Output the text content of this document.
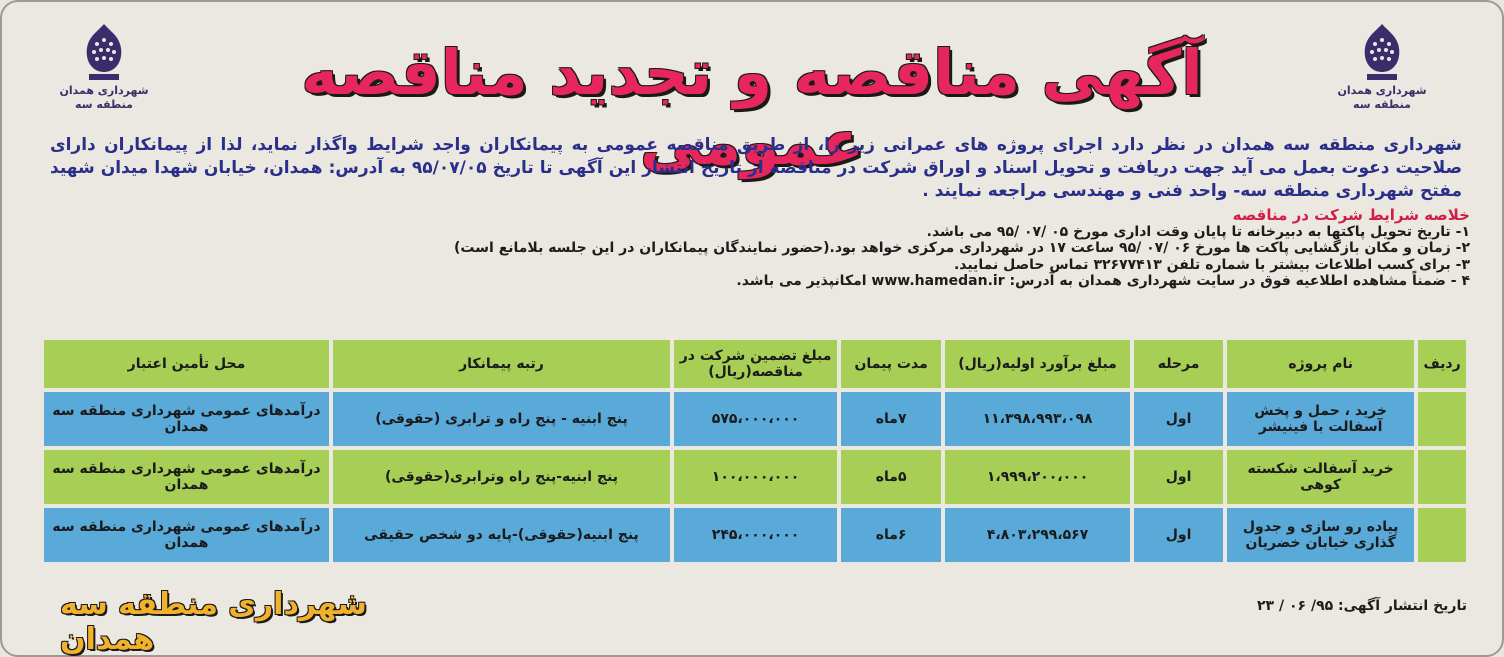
شهرداری همدان
منطقه سه
شهرداری همدان
منطقه سه
آگهی مناقصه و تجدید مناقصه عمومی
شهرداری منطقه سه همدان در نظر دارد اجرای پروژه های عمرانی زیر را، از طریق مناقصه عمومی به پیمانکاران واجد شرایط واگذار نماید، لذا از پیمانکاران دارای صلاحیت دعوت بعمل می آید جهت دریافت و تحویل اسناد و اوراق شرکت در مناقصه از تاریخ انتشار این آگهی تا تاریخ ۹۵/۰۷/۰۵ به آدرس: همدان، خیابان شهدا میدان شهید مفتح شهرداری منطقه سه- واحد فنی و مهندسی مراجعه نمایند .
خلاصه شرایط شرکت در مناقصه
۱- تاریخ تحویل پاکتها به دبیرخانه تا پایان وقت اداری مورخ ۰۵ /۰۷ /۹۵ می باشد.
۲- زمان و مکان بازگشایی پاکت ها مورخ ۰۶ /۰۷ /۹۵ ساعت ۱۷ در شهرداری مرکزی خواهد بود.(حضور نمایندگان پیمانکاران در این جلسه بلامانع است)
۳- برای کسب اطلاعات بیشتر با شماره تلفن ۳۲۶۷۷۴۱۳ تماس حاصل نمایید.
۴ - ضمناً مشاهده اطلاعیه فوق در سایت شهرداری همدان به آدرس: www.hamedan.ir امکانپذیر می باشد.
ردیف	نام پروژه	مرحله	مبلغ برآورد اولیه(ریال)	مدت پیمان	مبلغ تضمین شرکت در مناقصه(ریال)	رتبه پیمانکار	محل تأمین اعتبار
	خرید ، حمل و پخش آسفالت با فینیشر	اول	۱۱،۳۹۸،۹۹۳،۰۹۸	۷ماه	۵۷۵،۰۰۰،۰۰۰	پنج ابنیه - پنج راه و ترابری (حقوقی)	درآمدهای عمومی شهرداری منطقه سه همدان
	خرید آسفالت شکسته کوهی	اول	۱،۹۹۹،۲۰۰،۰۰۰	۵ماه	۱۰۰،۰۰۰،۰۰۰	پنج ابنیه-پنج راه وترابری(حقوقی)	درآمدهای عمومی شهرداری منطقه سه همدان
	پیاده رو سازی و جدول گذاری خیابان خضریان	اول	۴،۸۰۳،۲۹۹،۵۶۷	۶ماه	۲۴۵،۰۰۰،۰۰۰	پنج ابنیه(حقوقی)-پایه دو شخص حقیقی	درآمدهای عمومی شهرداری منطقه سه همدان
شهرداری منطقه سه همدان
تاریخ انتشار آگهی: ۹۵/ ۰۶ / ۲۳
